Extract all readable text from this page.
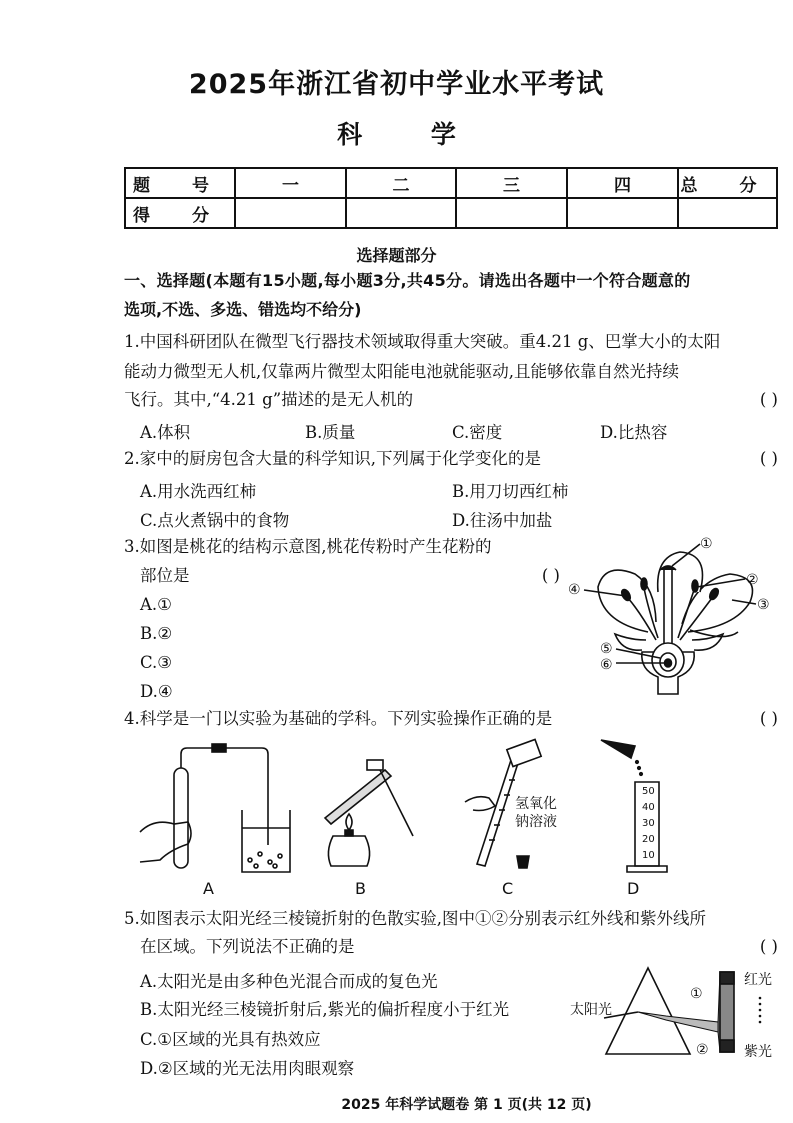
2025年浙江省初中学业水平考试
科 学
题 号	一	二	三	四	总 分
得 分					
选择题部分
一、选择题(本题有15小题,每小题3分,共45分。请选出各题中一个符合题意的
选项,不选、多选、错选均不给分)
1.中国科研团队在微型飞行器技术领域取得重大突破。重4.21 g、巴掌大小的太阳
能动力微型无人机,仅靠两片微型太阳能电池就能驱动,且能够依靠自然光持续
飞行。其中,“4.21 g”描述的是无人机的	( )
A.体积	B.质量	C.密度	D.比热容
2.家中的厨房包含大量的科学知识,下列属于化学变化的是	( )
A.用水洗西红柿	B.用刀切西红柿
C.点火煮锅中的食物	D.往汤中加盐
3.如图是桃花的结构示意图,桃花传粉时产生花粉的
部位是	( )
A.①
B.②
C.③
D.④
①
②
③
④
⑤
⑥
4.科学是一门以实验为基础的学科。下列实验操作正确的是	( )
A	B
氢氧化
钠溶液
C
50
40
30
20
10
D
5.如图表示太阳光经三棱镜折射的色散实验,图中①②分别表示红外线和紫外线所
在区域。下列说法不正确的是	( )
A.太阳光是由多种色光混合而成的复色光
B.太阳光经三棱镜折射后,紫光的偏折程度小于红光
C.①区域的光具有热效应
D.②区域的光无法用肉眼观察
太阳光
①
②
红光
紫光
2025 年科学试题卷 第 1 页(共 12 页)
